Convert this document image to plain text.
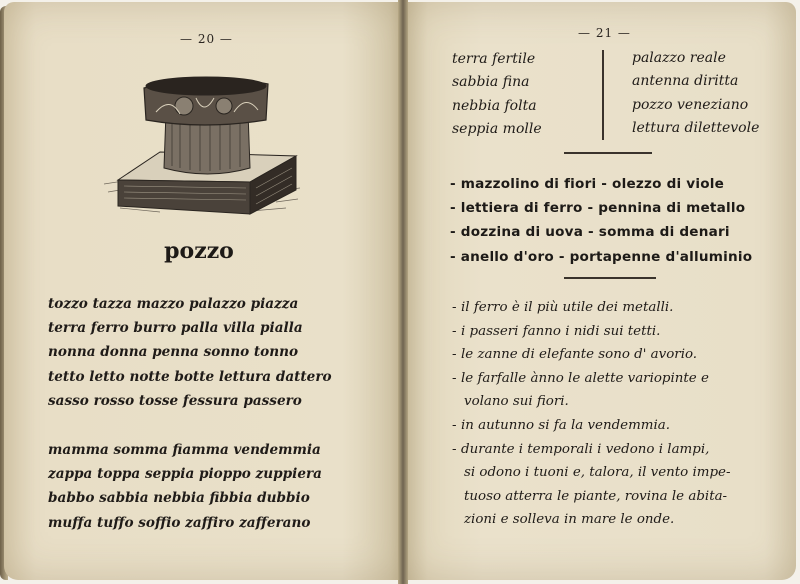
— 20 —
pozzo
tozzo tazza mazzo palazzo piazza
terra ferro burro palla villa pialla
nonna donna penna sonno tonno
tetto letto notte botte lettura dattero
sasso rosso tosse fessura passero
mamma somma fiamma vendemmia
zappa toppa seppia pioppo zuppiera
babbo sabbia nebbia fibbia dubbio
muffa tuffo soffio zaffiro zafferano
— 21 —
terra fertile
sabbia fina
nebbia folta
seppia molle
palazzo reale
antenna diritta
pozzo veneziano
lettura dilettevole
- mazzolino di fiori - olezzo di viole
- lettiera di ferro - pennina di metallo
- dozzina di uova - somma di denari
- anello d'oro - portapenne d'alluminio
- il ferro è il più utile dei metalli.
- i passeri fanno i nidi sui tetti.
- le zanne di elefante sono d' avorio.
- le farfalle ànno le alette variopinte e
volano sui fiori.
- in autunno si fa la vendemmia.
- durante i temporali i vedono i lampi,
si odono i tuoni e, talora, il vento impe-
tuoso atterra le piante, rovina le abita-
zioni e solleva in mare le onde.
